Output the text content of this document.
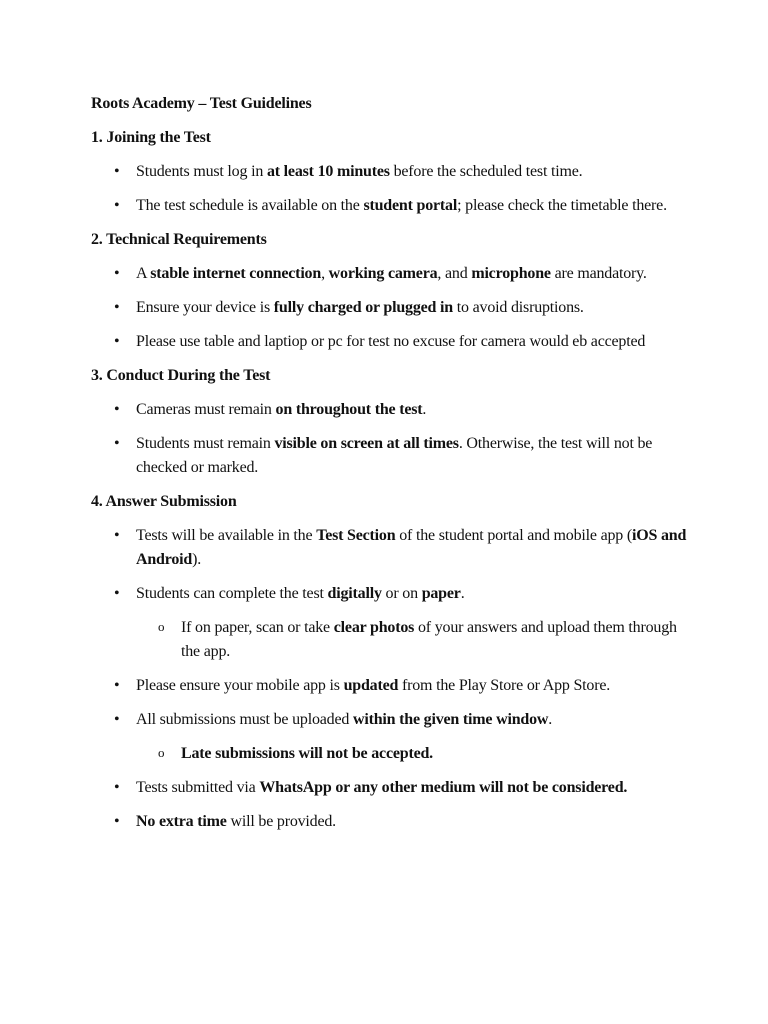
Roots Academy – Test Guidelines
1. Joining the Test
• Students must log in at least 10 minutes before the scheduled test time.
• The test schedule is available on the student portal; please check the timetable there.
2. Technical Requirements
• A stable internet connection, working camera, and microphone are mandatory.
• Ensure your device is fully charged or plugged in to avoid disruptions.
• Please use table and laptiop or pc for test no excuse for camera would eb accepted
3. Conduct During the Test
• Cameras must remain on throughout the test.
• Students must remain visible on screen at all times. Otherwise, the test will not be checked or marked.
4. Answer Submission
• Tests will be available in the Test Section of the student portal and mobile app (iOS and Android).
• Students can complete the test digitally or on paper.
o If on paper, scan or take clear photos of your answers and upload them through the app.
• Please ensure your mobile app is updated from the Play Store or App Store.
• All submissions must be uploaded within the given time window.
o Late submissions will not be accepted.
• Tests submitted via WhatsApp or any other medium will not be considered.
• No extra time will be provided.
